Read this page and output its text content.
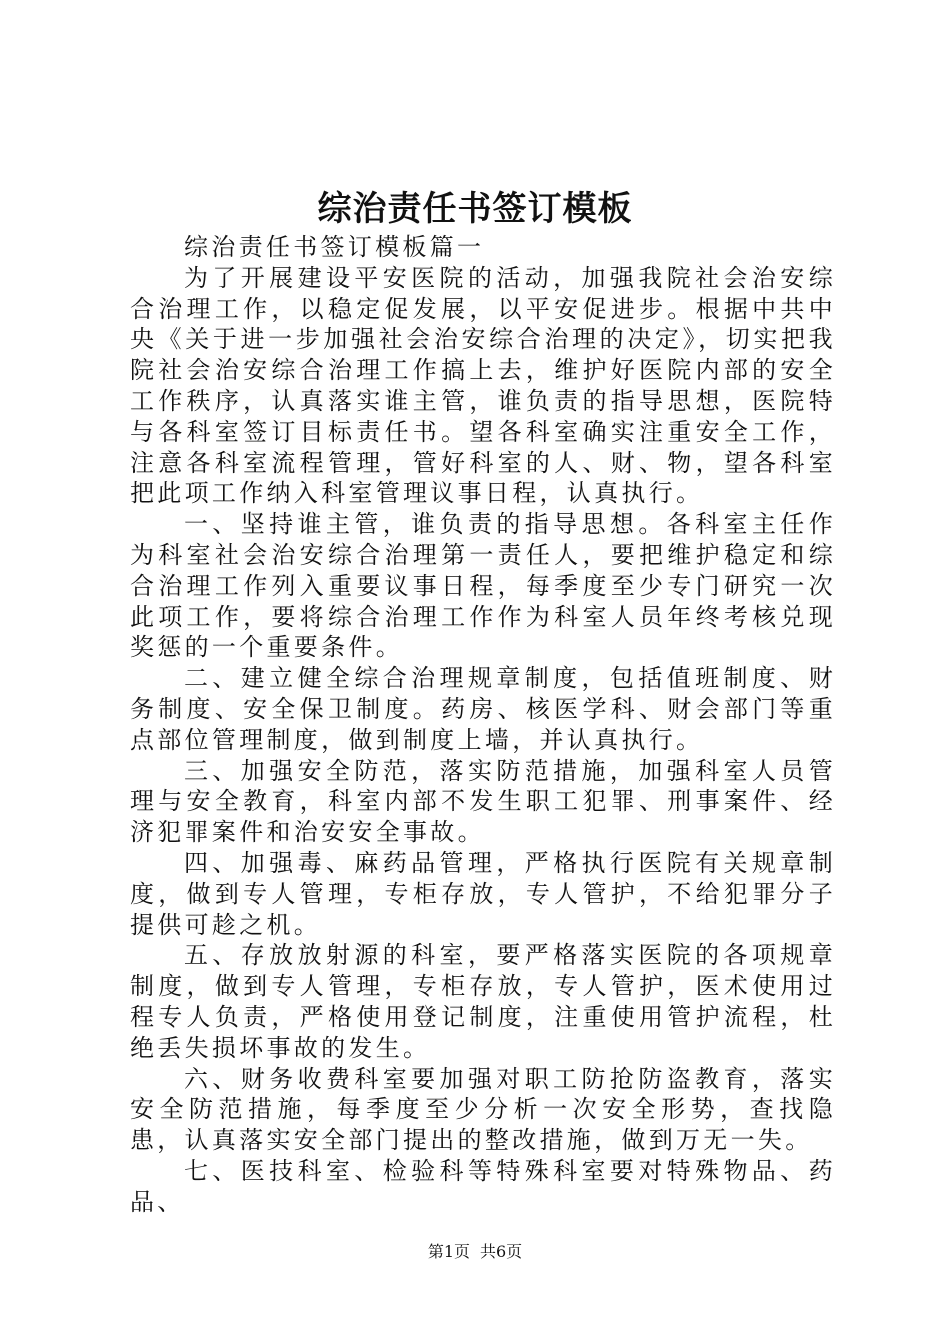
综治责任书签订模板

综治责任书签订模板篇一

为了开展建设平安医院的活动，加强我院社会治安综合治理工作，以稳定促发展，以平安促进步。根据中共中央《关于进一步加强社会治安综合治理的决定》，切实把我院社会治安综合治理工作搞上去，维护好医院内部的安全工作秩序，认真落实谁主管，谁负责的指导思想，医院特与各科室签订目标责任书。望各科室确实注重安全工作，注意各科室流程管理，管好科室的人、财、物，望各科室把此项工作纳入科室管理议事日程，认真执行。

一、坚持谁主管，谁负责的指导思想。各科室主任作为科室社会治安综合治理第一责任人，要把维护稳定和综合治理工作列入重要议事日程，每季度至少专门研究一次此项工作，要将综合治理工作作为科室人员年终考核兑现奖惩的一个重要条件。

二、建立健全综合治理规章制度，包括值班制度、财务制度、安全保卫制度。药房、核医学科、财会部门等重点部位管理制度，做到制度上墙，并认真执行。

三、加强安全防范，落实防范措施，加强科室人员管理与安全教育，科室内部不发生职工犯罪、刑事案件、经济犯罪案件和治安安全事故。

四、加强毒、麻药品管理，严格执行医院有关规章制度，做到专人管理，专柜存放，专人管护，不给犯罪分子提供可趁之机。

五、存放放射源的科室，要严格落实医院的各项规章制度，做到专人管理，专柜存放，专人管护，医术使用过程专人负责，严格使用登记制度，注重使用管护流程，杜绝丢失损坏事故的发生。

六、财务收费科室要加强对职工防抢防盗教育，落实安全防范措施，每季度至少分析一次安全形势，查找隐患，认真落实安全部门提出的整改措施，做到万无一失。

七、医技科室、检验科等特殊科室要对特殊物品、药品、

第1页 共6页
